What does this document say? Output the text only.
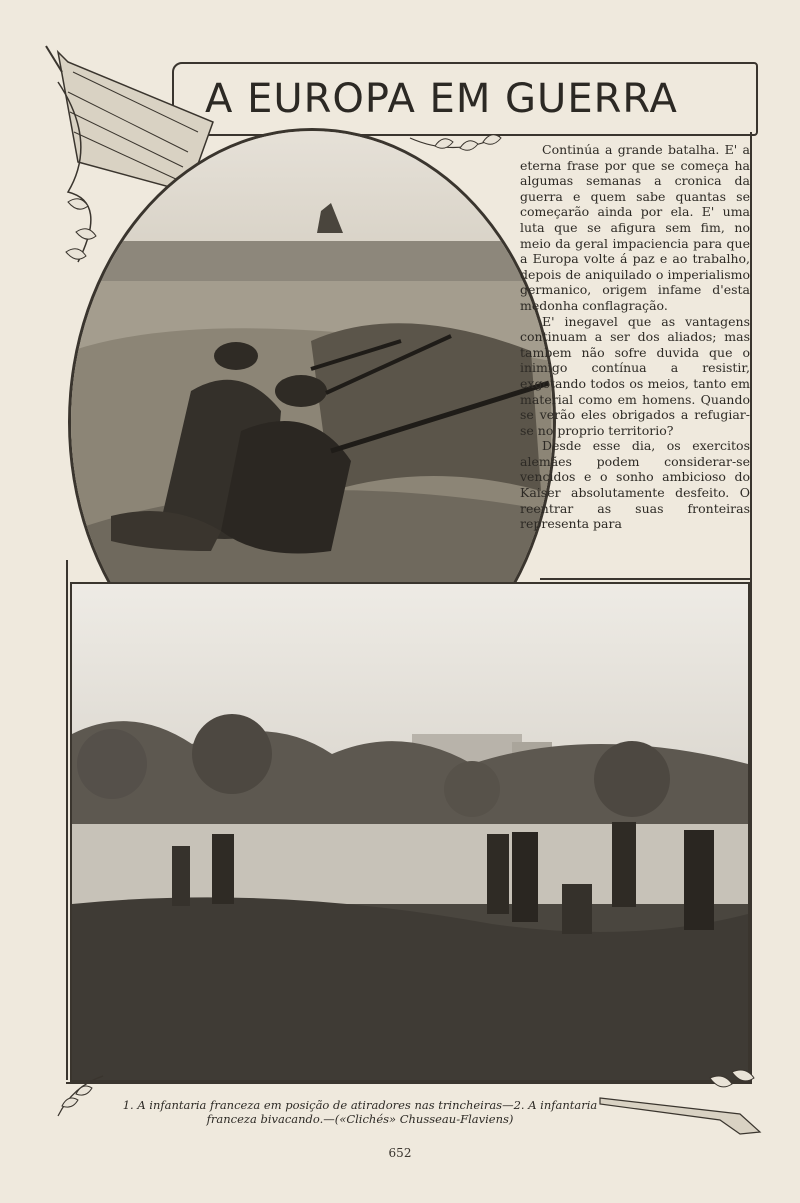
A EUROPA EM GUERRA

Continúa a grande batalha. E' a eterna frase por que se começa ha algumas semanas a cronica da guerra e quem sabe quantas se começarão ainda por ela. E' uma luta que se afigura sem fim, no meio da geral impaciencia para que a Europa volte á paz e ao trabalho, depois de aniquilado o imperialismo germanico, origem infame d'esta medonha conflagração.

E' inegavel que as vantagens continuam a ser dos aliados; mas tambem não sofre duvida que o inimigo contínua a resistir, exgotando todos os meios, tanto em material como em homens. Quando se verão eles obrigados a refugiar-se no proprio territorio?

Desde esse dia, os exercitos alemães podem considerar-se vencidos e o sonho ambicioso do Kaiser absolutamente desfeito. O reentrar as suas fronteiras representa para

1. A infantaria franceza em posição de atiradores nas trincheiras—2. A infantaria franceza bivacando.—(«Clichés» Chusseau-Flaviens)
652
